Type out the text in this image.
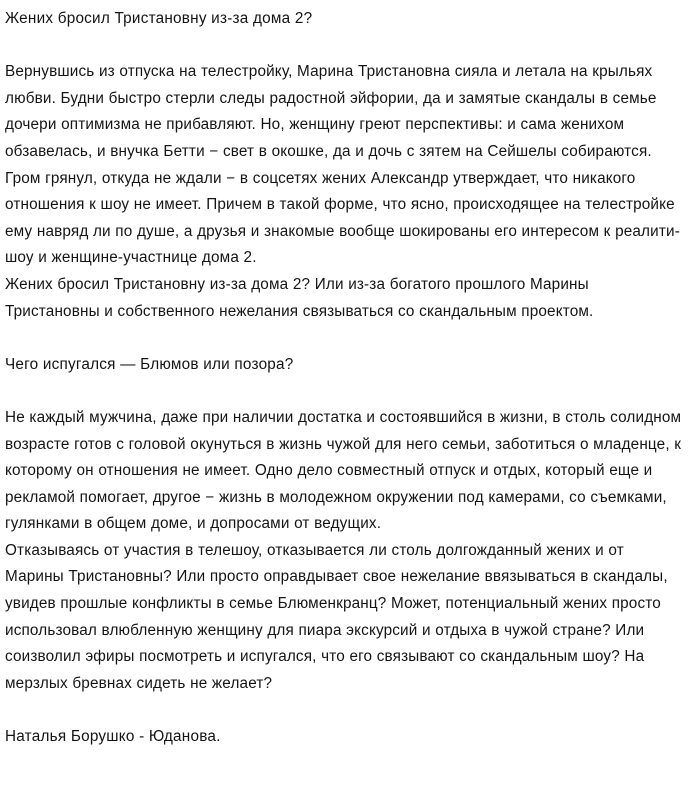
Жених бросил Тристановну из-за дома 2?

Вернувшись из отпуска на телестройку, Марина Тристановна сияла и летала на крыльях любви. Будни быстро стерли следы радостной эйфории, да и замятые скандалы в семье дочери оптимизма не прибавляют. Но, женщину греют перспективы: и сама женихом обзавелась, и внучка Бетти − свет в окошке, да и дочь с зятем на Сейшелы собираются.

Гром грянул, откуда не ждали − в соцсетях жених Александр утверждает, что никакого отношения к шоу не имеет. Причем в такой форме, что ясно, происходящее на телестройке ему навряд ли по душе, а друзья и знакомые вообще шокированы его интересом к реалити-шоу и женщине-участнице дома 2.

Жених бросил Тристановну из-за дома 2? Или из-за богатого прошлого Марины Тристановны и собственного нежелания связываться со скандальным проектом.

Чего испугался — Блюмов или позора?

Не каждый мужчина, даже при наличии достатка и состоявшийся в жизни, в столь солидном возрасте готов с головой окунуться в жизнь чужой для него семьи, заботиться о младенце, к которому он отношения не имеет. Одно дело совместный отпуск и отдых, который еще и рекламой помогает, другое − жизнь в молодежном окружении под камерами, со съемками, гулянками в общем доме, и допросами от ведущих.

Отказываясь от участия в телешоу, отказывается ли столь долгожданный жених и от Марины Тристановны? Или просто оправдывает свое нежелание ввязываться в скандалы, увидев прошлые конфликты в семье Блюменкранц? Может, потенциальный жених просто использовал влюбленную женщину для пиара экскурсий и отдыха в чужой стране? Или соизволил эфиры посмотреть и испугался, что его связывают со скандальным шоу? На мерзлых бревнах сидеть не желает?

Наталья Борушко - Юданова.
